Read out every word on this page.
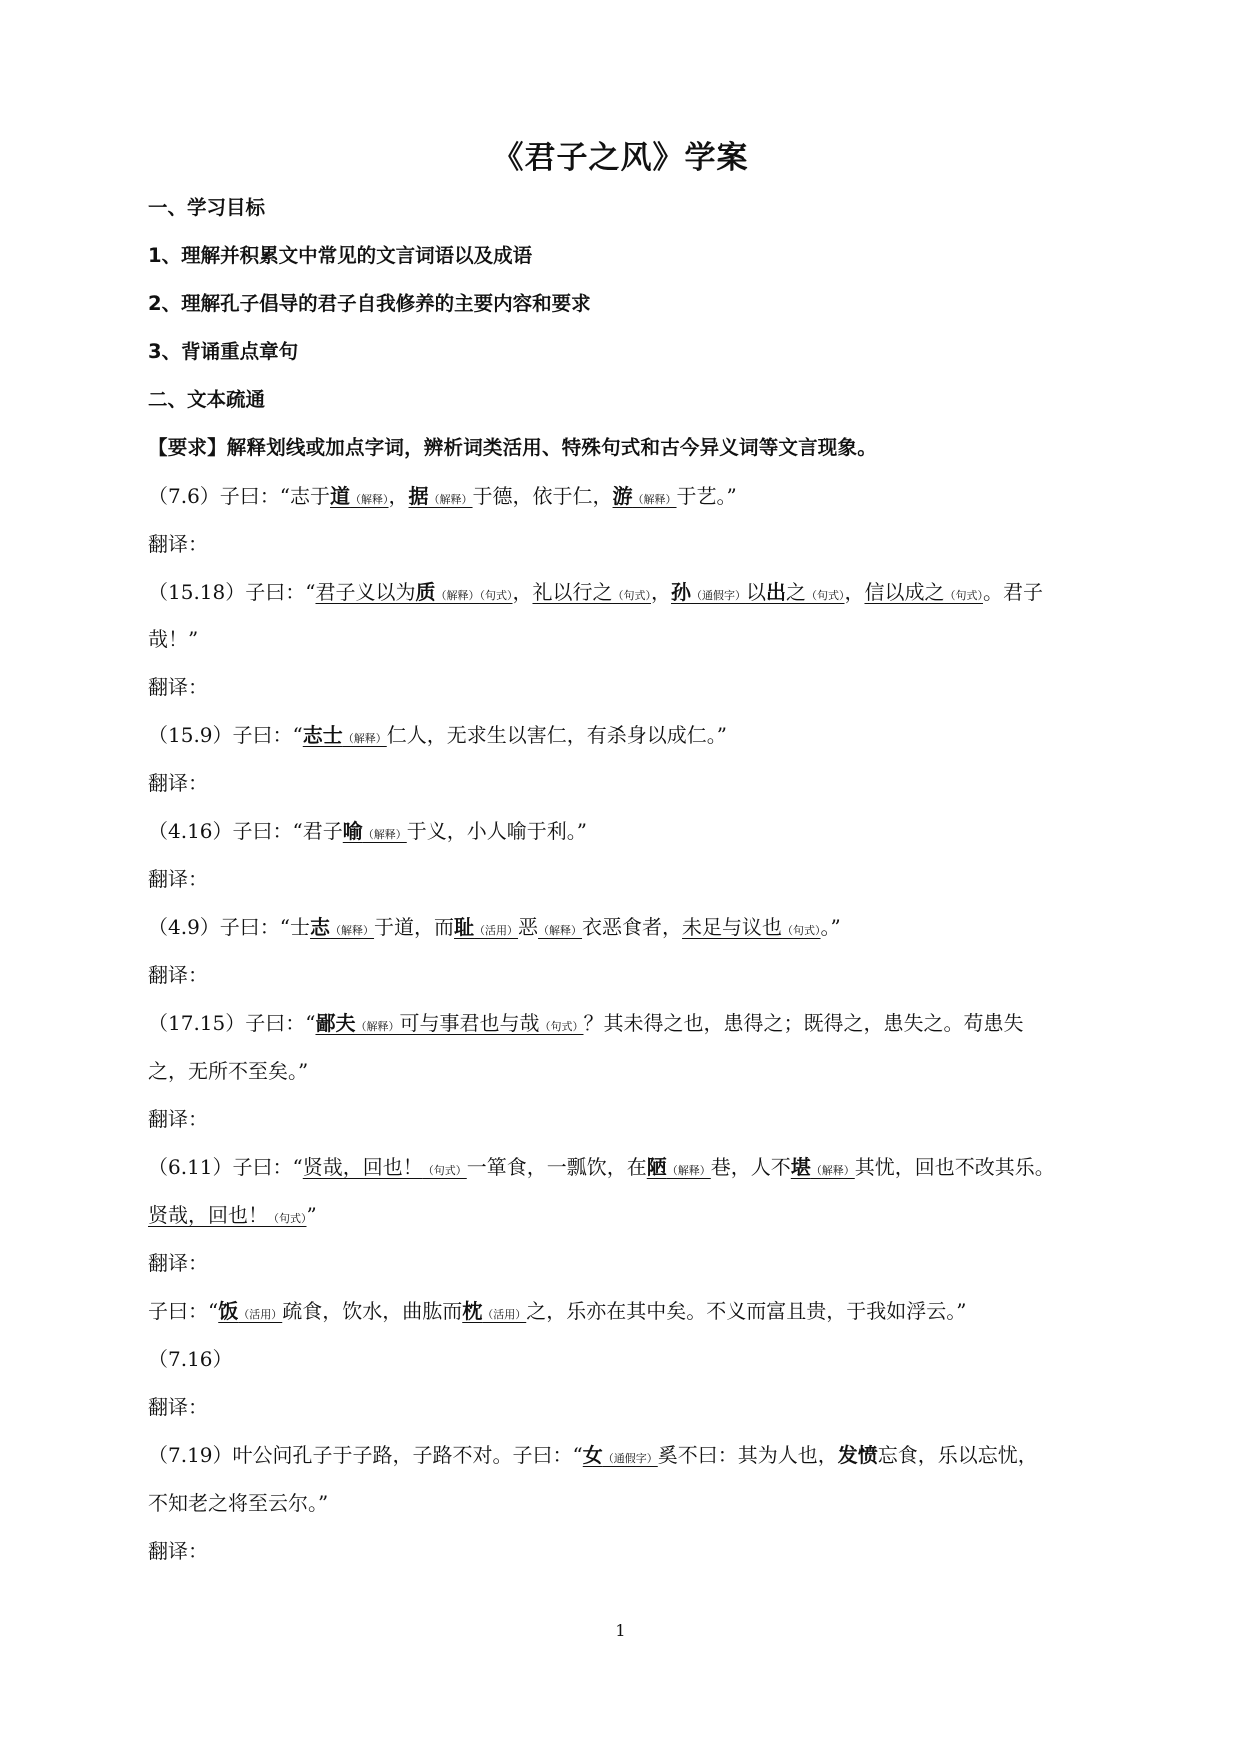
《君子之风》学案
一、学习目标
1、理解并积累文中常见的文言词语以及成语
2、理解孔子倡导的君子自我修养的主要内容和要求
3、背诵重点章句
二、文本疏通
【要求】解释划线或加点字词，辨析词类活用、特殊句式和古今异义词等文言现象。
（7.6）子曰：“志于道（解释），据（解释）于德，依于仁，游（解释）于艺。”
翻译：
（15.18）子曰：“君子义以为质（解释）（句式），礼以行之（句式），孙（通假字）以出之（句式），信以成之（句式）。君子
哉！”
翻译：
（15.9）子曰：“志士（解释）仁人，无求生以害仁，有杀身以成仁。”
翻译：
（4.16）子曰：“君子喻（解释）于义，小人喻于利。”
翻译：
（4.9）子曰：“士志（解释）于道，而耻（活用）恶（解释）衣恶食者，未足与议也（句式）。”
翻译：
（17.15）子曰：“鄙夫（解释）可与事君也与哉（句式）？其未得之也，患得之；既得之，患失之。苟患失
之，无所不至矣。”
翻译：
（6.11）子曰：“贤哉，回也！（句式）一箪食，一瓢饮，在陋（解释）巷，人不堪（解释）其忧，回也不改其乐。
贤哉，回也！（句式）”
翻译：
子曰：“饭（活用）疏食，饮水，曲肱而枕（活用）之，乐亦在其中矣。不义而富且贵，于我如浮云。”
（7.16）
翻译：
（7.19）叶公问孔子于子路，子路不对。子曰：“女（通假字）奚不曰：其为人也，发愤忘食，乐以忘忧，
不知老之将至云尔。”
翻译：
1
